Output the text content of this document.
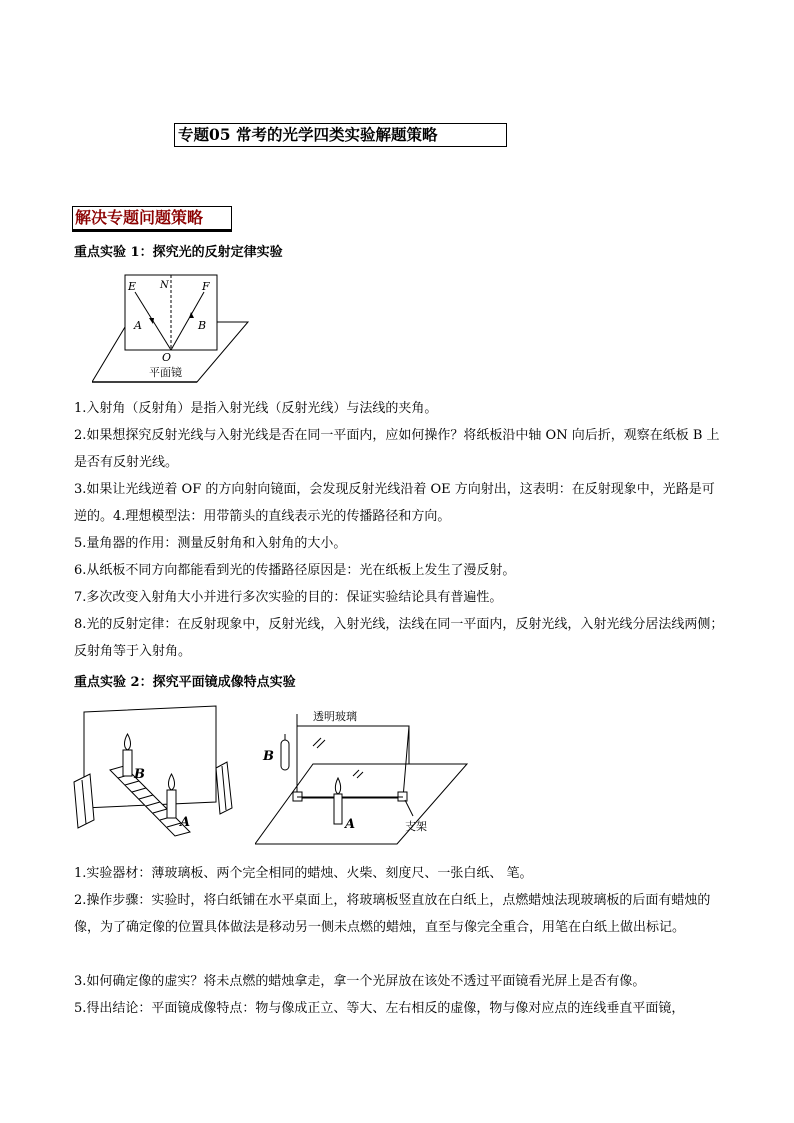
专题05 常考的光学四类实验解题策略
解决专题问题策略
重点实验 1：探究光的反射定律实验
E N	F
A	B
O
平面镜
1.入射角（反射角）是指入射光线（反射光线）与法线的夹角。
2.如果想探究反射光线与入射光线是否在同一平面内，应如何操作？将纸板沿中轴 ON 向后折，观察在纸板 B 上是否有反射光线。
3.如果让光线逆着 OF 的方向射向镜面，会发现反射光线沿着 OE 方向射出，这表明：在反射现象中，光路是可逆的。4.理想模型法：用带箭头的直线表示光的传播路径和方向。
5.量角器的作用：测量反射角和入射角的大小。
6.从纸板不同方向都能看到光的传播路径原因是：光在纸板上发生了漫反射。
7.多次改变入射角大小并进行多次实验的目的：保证实验结论具有普遍性。
8.光的反射定律：在反射现象中，反射光线，入射光线，法线在同一平面内，反射光线，入射光线分居法线两侧；反射角等于入射角。
重点实验 2：探究平面镜成像特点实验
B
A
透明玻璃
B
A	支架
1.实验器材：薄玻璃板、两个完全相同的蜡烛、火柴、刻度尺、一张白纸、 笔。
2.操作步骤：实验时，将白纸铺在水平桌面上，将玻璃板竖直放在白纸上，点燃蜡烛法现玻璃板的后面有蜡烛的像，为了确定像的位置具体做法是移动另一侧未点燃的蜡烛，直至与像完全重合，用笔在白纸上做出标记。
3.如何确定像的虚实？将未点燃的蜡烛拿走，拿一个光屏放在该处不透过平面镜看光屏上是否有像。
5.得出结论：平面镜成像特点：物与像成正立、等大、左右相反的虚像，物与像对应点的连线垂直平面镜，
